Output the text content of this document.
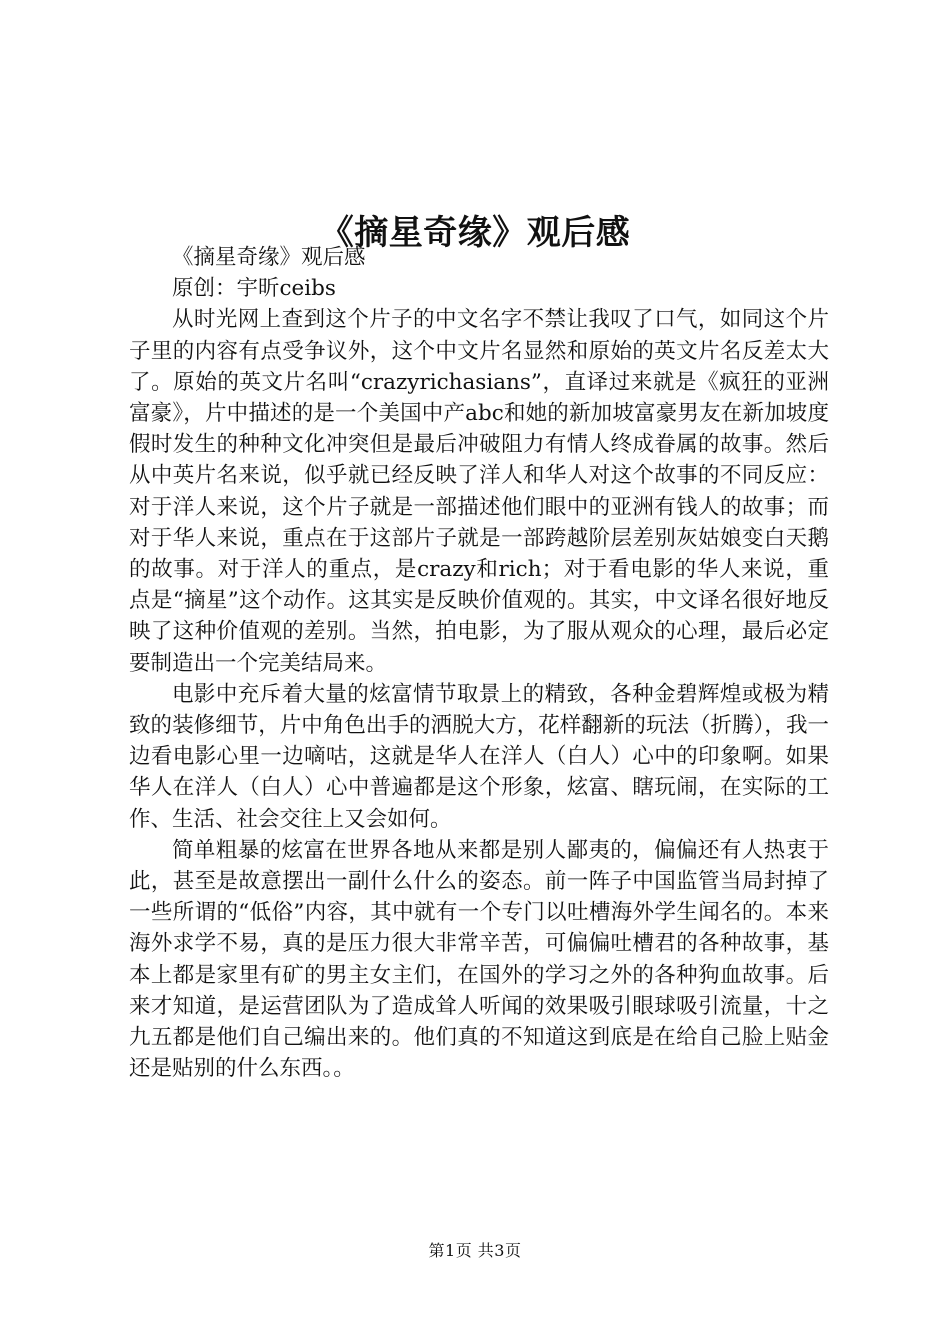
《摘星奇缘》观后感

《摘星奇缘》观后感

原创：宇昕ceibs

从时光网上查到这个片子的中文名字不禁让我叹了口气，如同这个片子里的内容有点受争议外，这个中文片名显然和原始的英文片名反差太大了。原始的英文片名叫“crazyrichasians”，直译过来就是《疯狂的亚洲富豪》，片中描述的是一个美国中产abc和她的新加坡富豪男友在新加坡度假时发生的种种文化冲突但是最后冲破阻力有情人终成眷属的故事。然后从中英片名来说，似乎就已经反映了洋人和华人对这个故事的不同反应：对于洋人来说，这个片子就是一部描述他们眼中的亚洲有钱人的故事；而对于华人来说，重点在于这部片子就是一部跨越阶层差别灰姑娘变白天鹅的故事。对于洋人的重点，是crazy和rich；对于看电影的华人来说，重点是“摘星”这个动作。这其实是反映价值观的。其实，中文译名很好地反映了这种价值观的差别。当然，拍电影，为了服从观众的心理，最后必定要制造出一个完美结局来。

电影中充斥着大量的炫富情节取景上的精致，各种金碧辉煌或极为精致的装修细节，片中角色出手的洒脱大方，花样翻新的玩法（折腾），我一边看电影心里一边嘀咕，这就是华人在洋人（白人）心中的印象啊。如果华人在洋人（白人）心中普遍都是这个形象，炫富、瞎玩闹，在实际的工作、生活、社会交往上又会如何。

简单粗暴的炫富在世界各地从来都是别人鄙夷的，偏偏还有人热衷于此，甚至是故意摆出一副什么什么的姿态。前一阵子中国监管当局封掉了一些所谓的“低俗”内容，其中就有一个专门以吐槽海外学生闻名的。本来海外求学不易，真的是压力很大非常辛苦，可偏偏吐槽君的各种故事，基本上都是家里有矿的男主女主们，在国外的学习之外的各种狗血故事。后来才知道，是运营团队为了造成耸人听闻的效果吸引眼球吸引流量，十之九五都是他们自己编出来的。他们真的不知道这到底是在给自己脸上贴金还是贴别的什么东西。。

第1页 共3页
